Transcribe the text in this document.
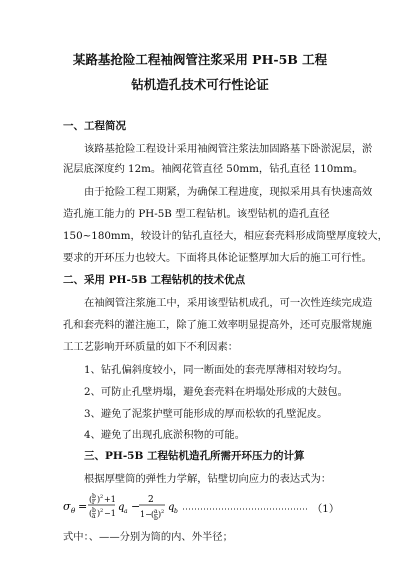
某路基抢险工程袖阀管注浆采用 PH-5B 工程
钻机造孔技术可行性论证
一、工程简况
该路基抢险工程设计采用袖阀管注浆法加固路基下卧淤泥层，淤
泥层底深度约 12m。袖阀花管直径 50mm，钻孔直径 110mm。
由于抢险工程工期紧，为确保工程进度，现拟采用具有快速高效
造孔施工能力的 PH-5B 型工程钻机。该型钻机的造孔直径
150~180mm，较设计的钻孔直径大，相应套壳料形成筒壁厚度较大，
要求的开环压力也较大。下面将具体论证整厚加大后的施工可行性。
二、采用 PH-5B 工程钻机的技术优点
在袖阀管注浆施工中，采用该型钻机成孔，可一次性连续完成造
孔和套壳料的灌注施工，除了施工效率明显提高外，还可克服常规施
工工艺影响开环质量的如下不利因素：
1、钻孔偏斜度较小，同一断面处的套壳厚薄相对较均匀。
2、可防止孔壁坍塌，避免套壳料在坍塌处形成的大鼓包。
3、避免了泥浆护壁可能形成的厚而松软的孔壁泥皮。
4、避免了出现孔底淤积物的可能。
三、PH-5B 工程钻机造孔所需开环压力的计算
根据厚壁筒的弹性力学解，钻壁切向应力的表达式为：
σ θ =
( b
r ) 2 +1
( b
a ) 2 −1
q a − 2
1− ( a
b ) 2 q b	（1）
式中：、——分别为筒的内、外半径；
